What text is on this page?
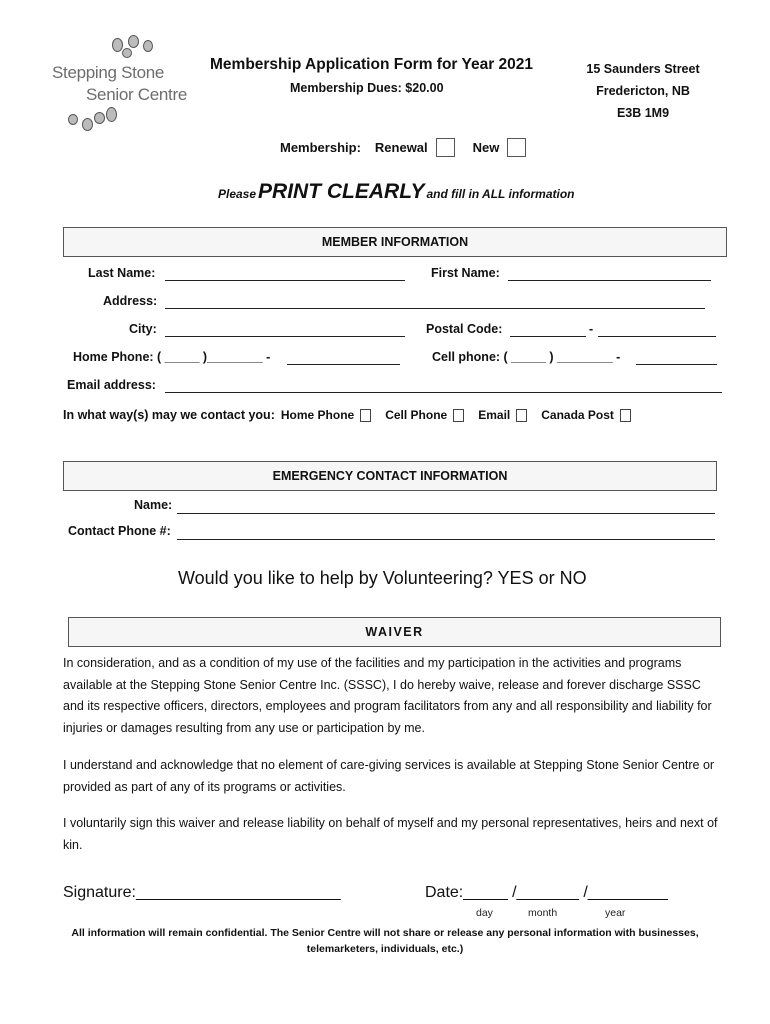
Stepping Stone
Senior Centre
Membership Application Form for Year 2021
Membership Dues: $20.00
15 Saunders Street
Fredericton, NB
E3B 1M9
Membership: Renewal	New
Please PRINT CLEARLY and fill in ALL information
MEMBER INFORMATION
Last Name:	First Name:
Address:
City:	Postal Code:	-
Home Phone: ( _____ )________ -	Cell phone: ( _____ ) ________ -
Email address:
In what way(s) may we contact you: Home Phone	Cell Phone	Email	Canada Post
EMERGENCY CONTACT INFORMATION
Name:
Contact Phone #:
Would you like to help by Volunteering? YES or NO
WAIVER
In consideration, and as a condition of my use of the facilities and my participation in the activities and programs available at the Stepping Stone Senior Centre Inc. (SSSC), I do hereby waive, release and forever discharge SSSC and its respective officers, directors, employees and program facilitators from any and all responsibility and liability for injuries or damages resulting from any use or participation by me.
I understand and acknowledge that no element of care-giving services is available at Stepping Stone Senior Centre or provided as part of any of its programs or activities.
I voluntarily sign this waiver and release liability on behalf of myself and my personal representatives, heirs and next of kin.
Signature:_______________________	Date:_____ /_______ /_________
day	month	year
All information will remain confidential. The Senior Centre will not share or release any personal information with businesses, telemarketers, individuals, etc.)
